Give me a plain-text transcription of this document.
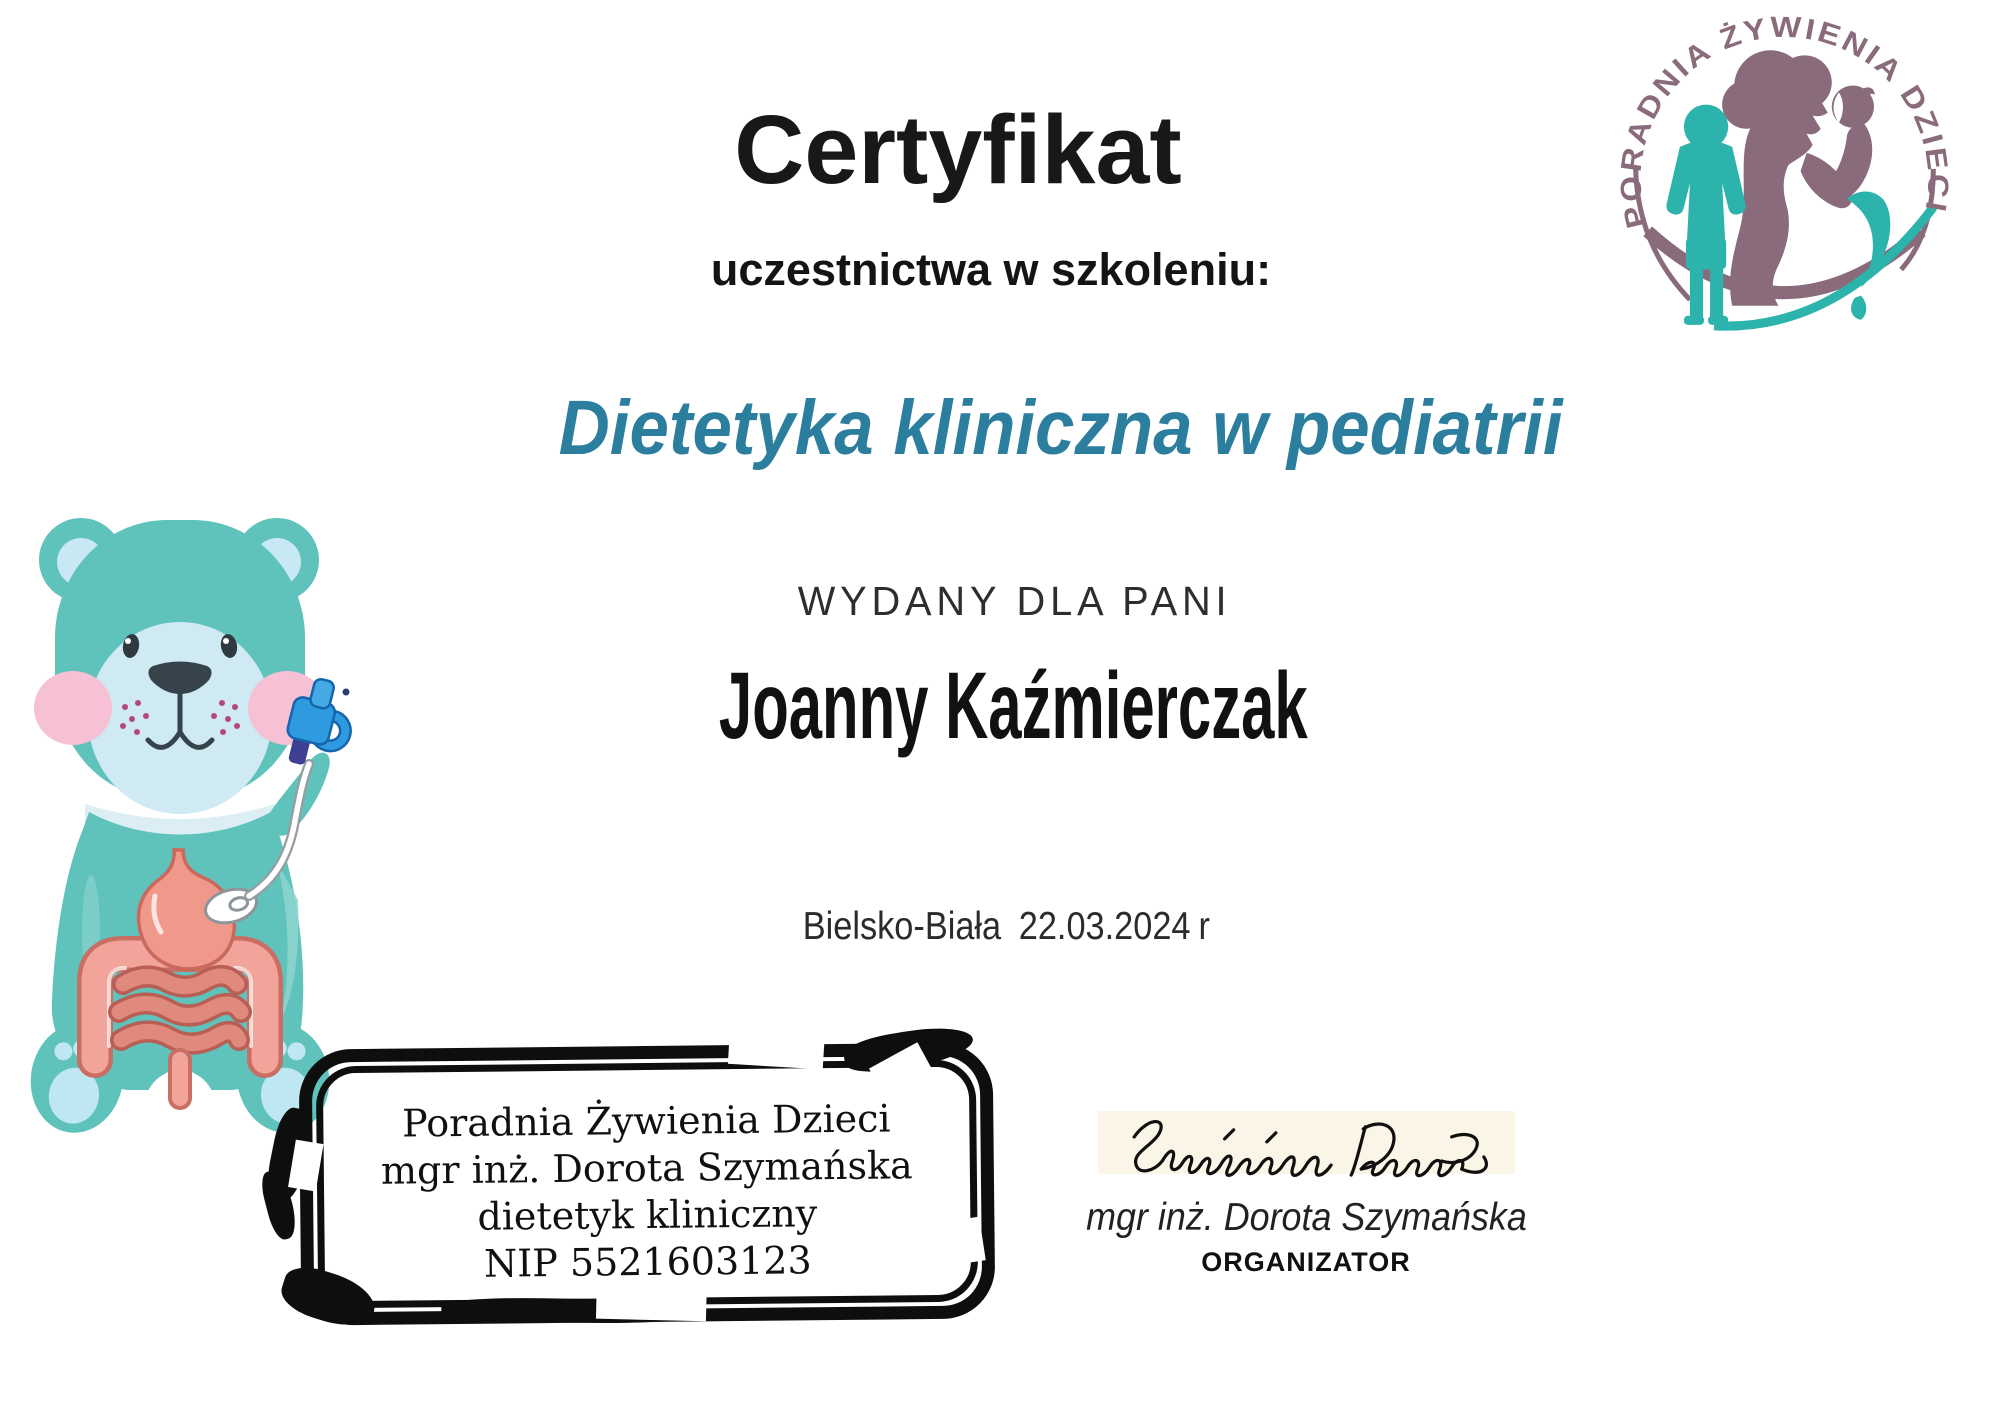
Certyfikat
uczestnictwa w szkoleniu:
Dietetyka kliniczna w pediatrii
WYDANY DLA PANI
Joanny Kaźmierczak
Bielsko-Biała 22.03.2024 r
PORADNIA ŻYWIENIA DZIECI
Poradnia Żywienia Dzieci
mgr inż. Dorota Szymańska
dietetyk kliniczny
NIP 5521603123
mgr inż. Dorota Szymańska
ORGANIZATOR
